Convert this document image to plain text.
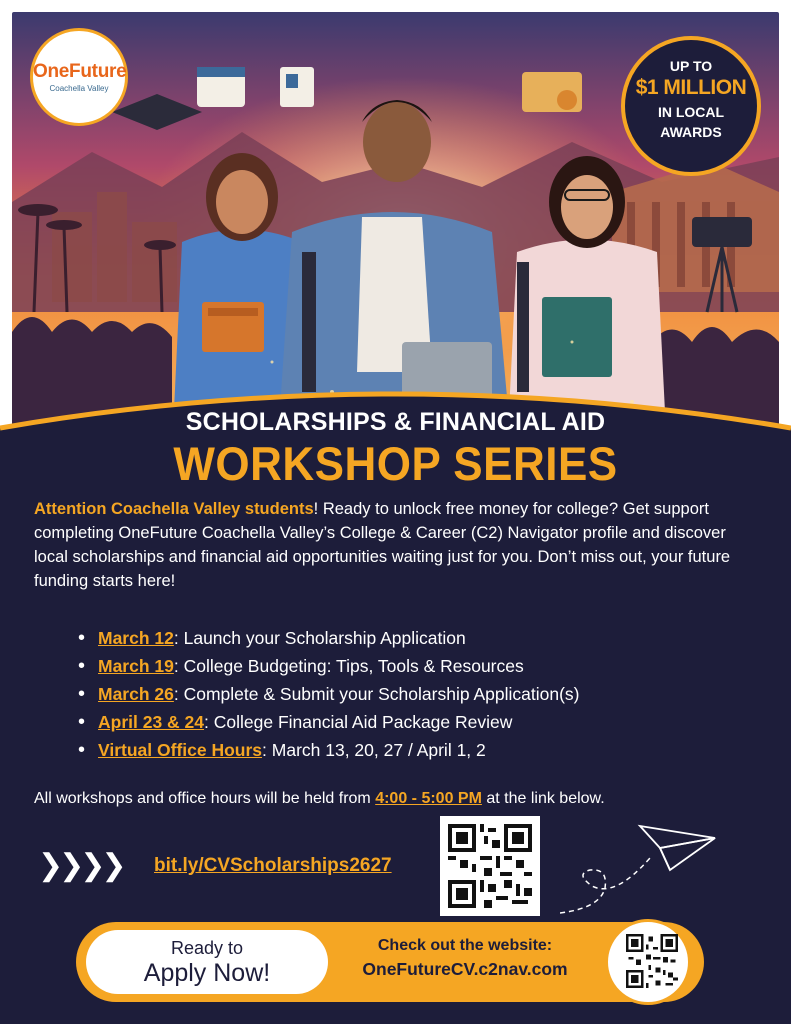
OneFuture
Coachella Valley
UP TO
$1 MILLION
IN LOCAL
AWARDS
SCHOLARSHIPS & FINANCIAL AID
WORKSHOP SERIES
Attention Coachella Valley students! Ready to unlock free money for college? Get support completing OneFuture Coachella Valley’s College & Career (C2) Navigator profile and discover local scholarships and financial aid opportunities waiting just for you. Don’t miss out, your future funding starts here!
• March 12: Launch your Scholarship Application
• March 19: College Budgeting: Tips, Tools & Resources
• March 26: Complete & Submit your Scholarship Application(s)
• April 23 & 24: College Financial Aid Package Review
• Virtual Office Hours: March 13, 20, 27 / April 1, 2
All workshops and office hours will be held from 4:00 - 5:00 PM at the link below.
❯❯❯❯ bit.ly/CVScholarships2627
Ready to
Apply Now!
Check out the website:
OneFutureCV.c2nav.com
